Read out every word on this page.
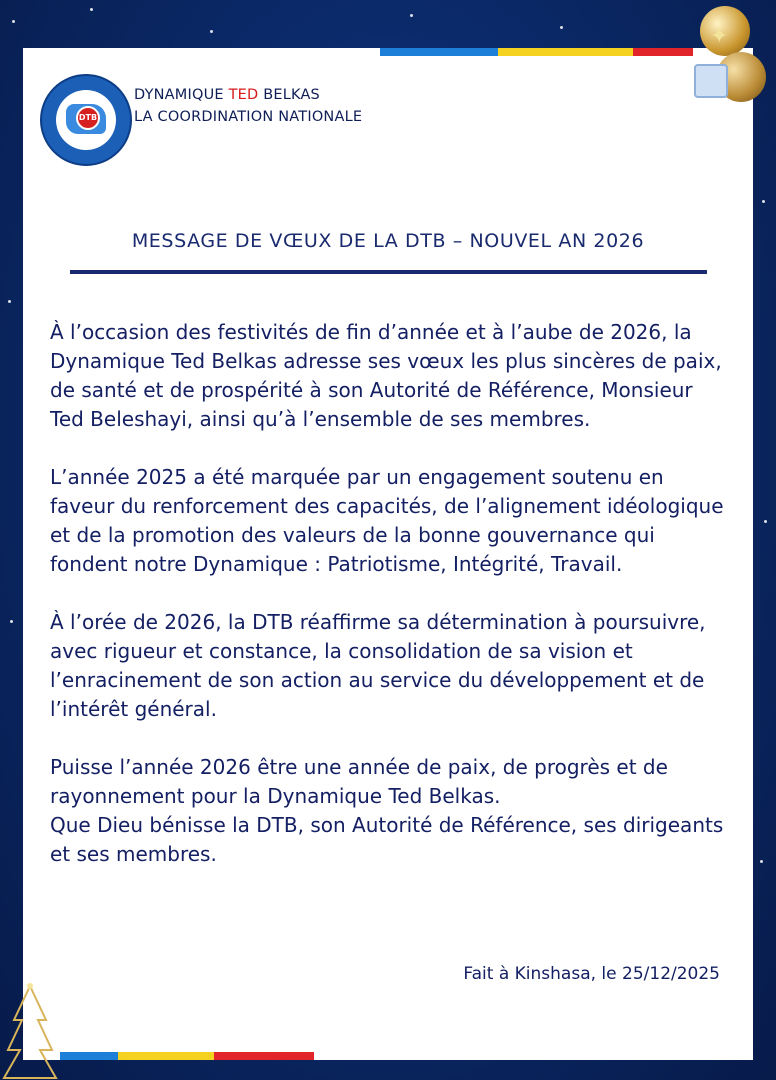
✦
DTB
DYNAMIQUE TED BELKAS
LA COORDINATION NATIONALE
MESSAGE DE VŒUX DE LA DTB – NOUVEL AN 2026

À l’occasion des festivités de fin d’année et à l’aube de 2026, la Dynamique Ted Belkas adresse ses vœux les plus sincères de paix, de santé et de prospérité à son Autorité de Référence, Monsieur Ted Beleshayi, ainsi qu’à l’ensemble de ses membres.

L’année 2025 a été marquée par un engagement soutenu en faveur du renforcement des capacités, de l’alignement idéologique et de la promotion des valeurs de la bonne gouvernance qui fondent notre Dynamique : Patriotisme, Intégrité, Travail.

À l’orée de 2026, la DTB réaffirme sa détermination à poursuivre, avec rigueur et constance, la consolidation de sa vision et l’enracinement de son action au service du développement et de l’intérêt général.

Puisse l’année 2026 être une année de paix, de progrès et de rayonnement pour la Dynamique Ted Belkas.

Que Dieu bénisse la DTB, son Autorité de Référence, ses dirigeants et ses membres.

Fait à Kinshasa, le 25/12/2025
